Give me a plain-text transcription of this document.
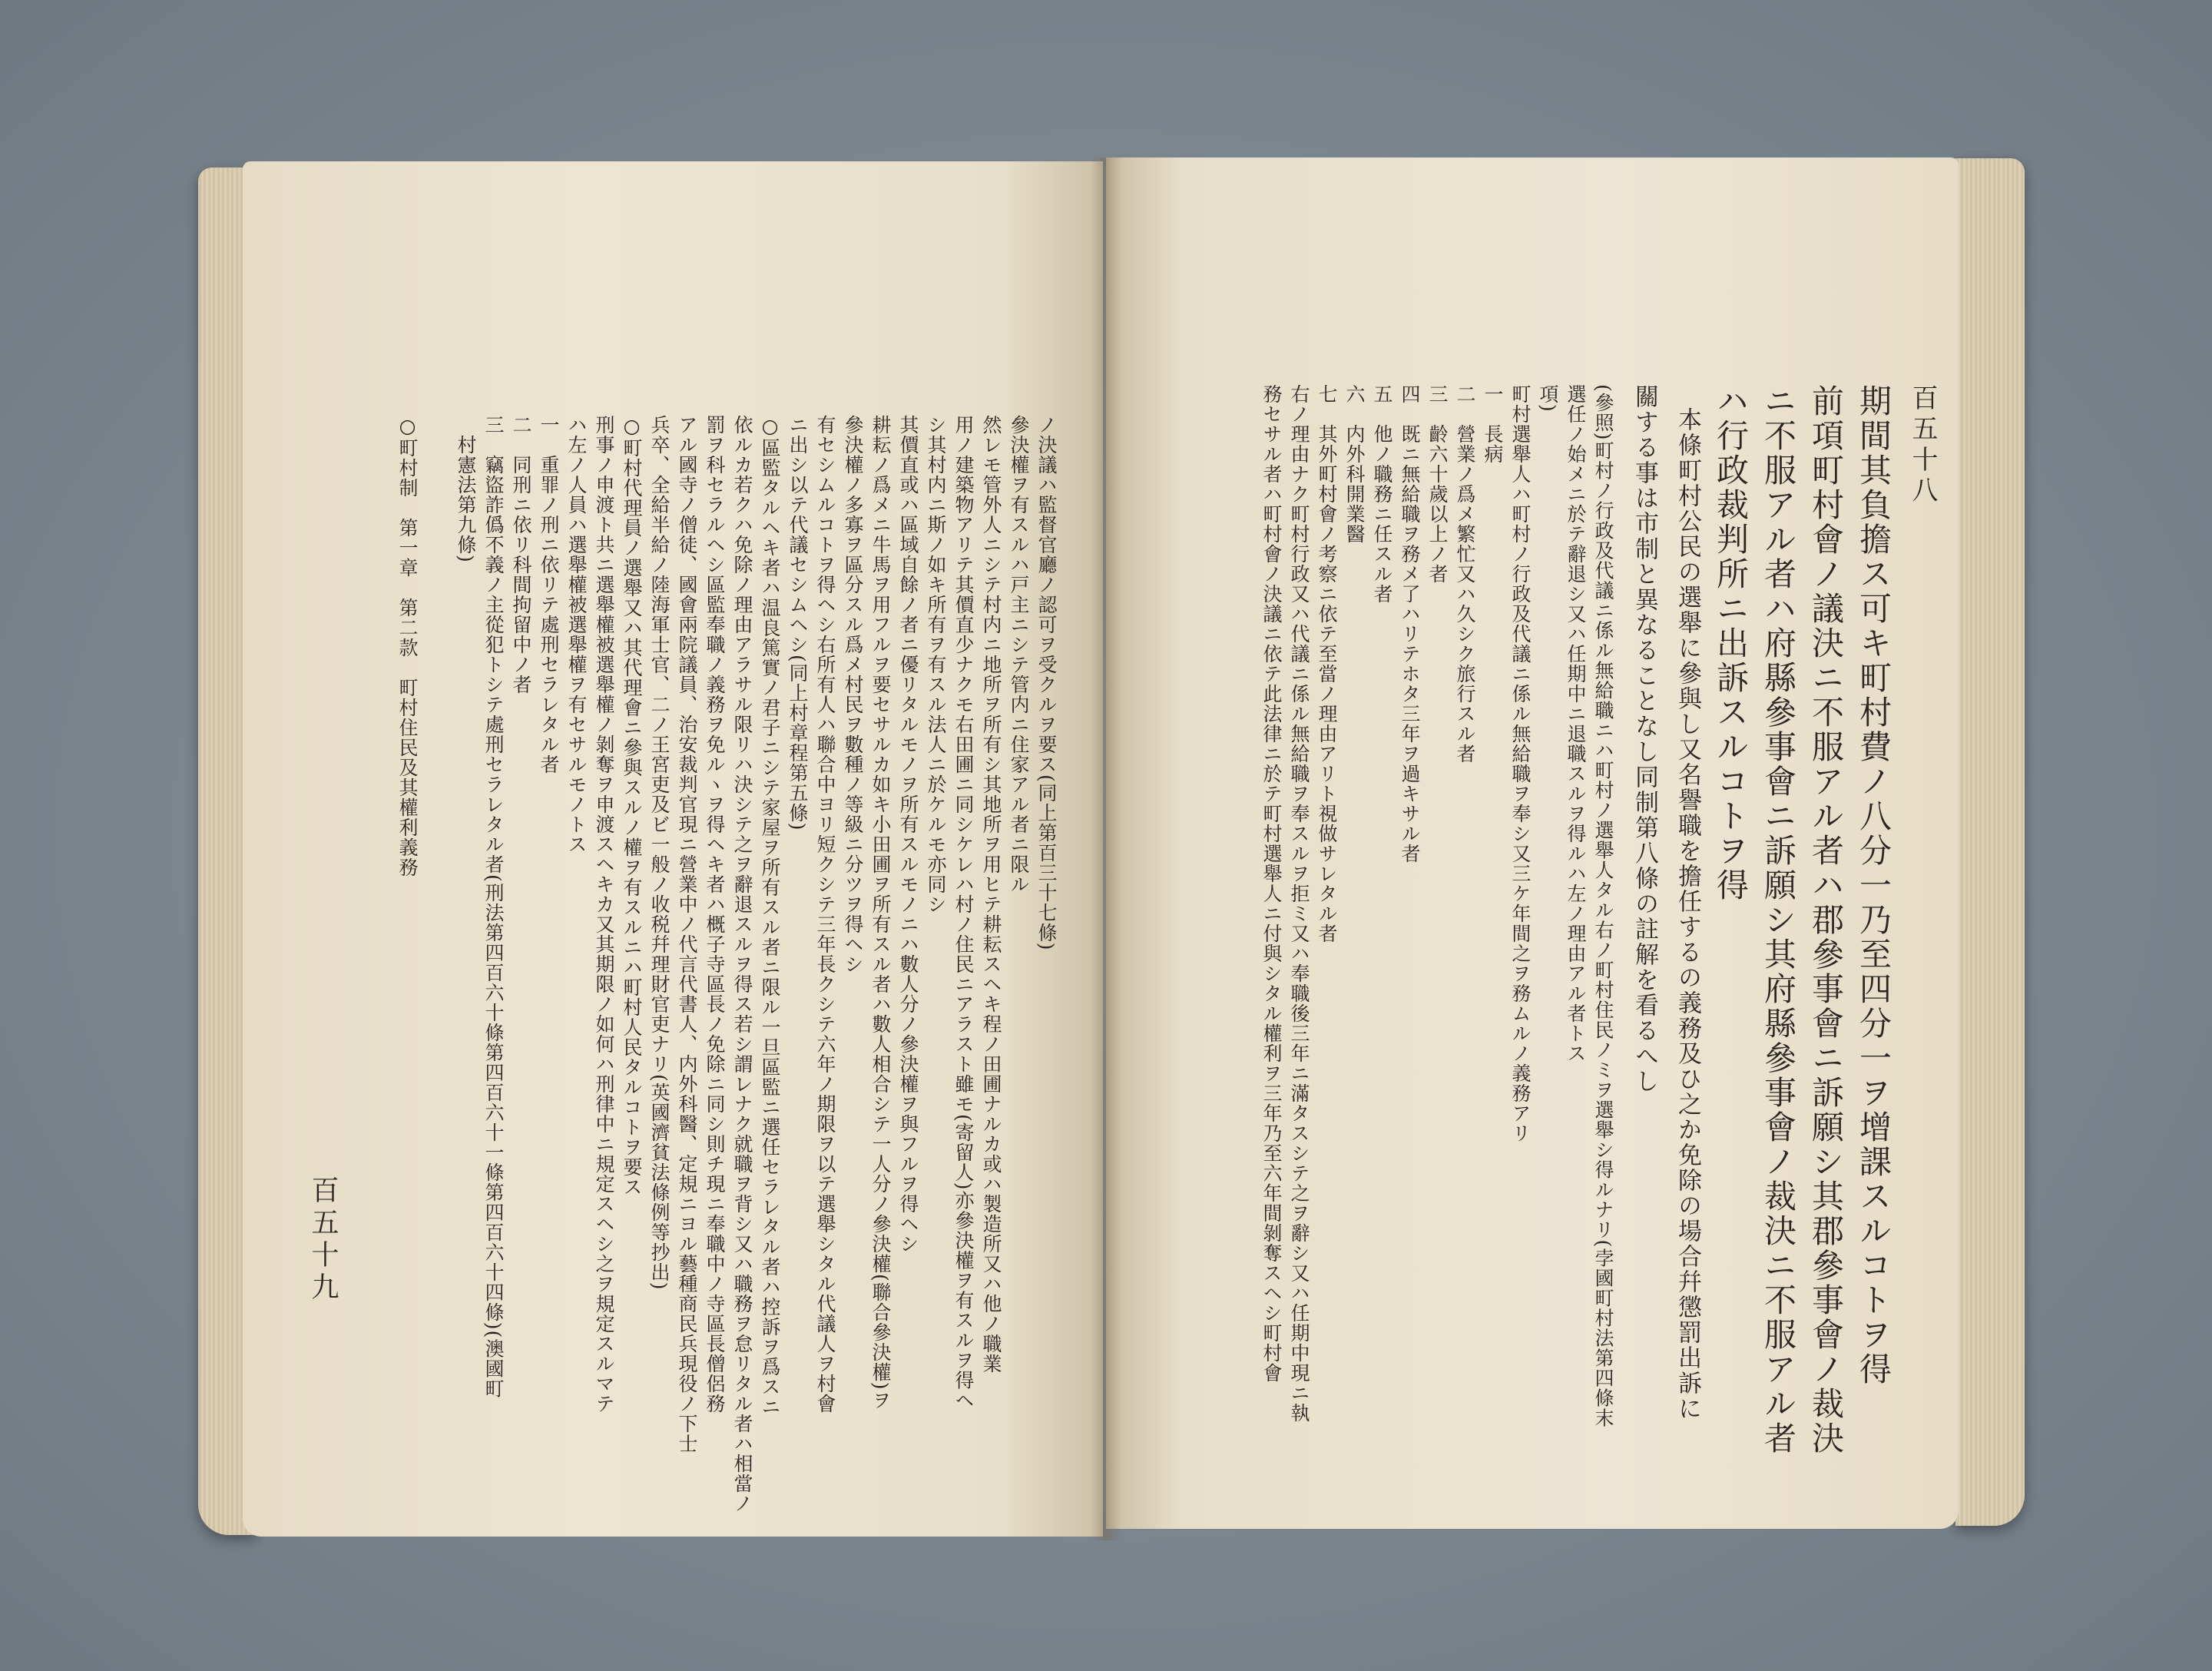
ノ決議ハ監督官廳ノ認可ヲ受クルヲ要ス(同上第百三十七條)
參決權ヲ有スルハ戸主ニシテ管内ニ住家アル者ニ限ル
然レモ管外人ニシテ村内ニ地所ヲ所有シ其地所ヲ用ヒテ耕耘スヘキ程ノ田圃ナルカ或ハ製造所又ハ他ノ職業
用ノ建築物アリテ其價直少ナクモ右田圃ニ同シケレハ村ノ住民ニアラスト雖モ(寄留人)亦參決權ヲ有スルヲ得ヘ
シ其村内ニ斯ノ如キ所有ヲ有スル法人ニ於ケルモ亦同シ
其價直或ハ區域自餘ノ者ニ優リタルモノヲ所有スルモノニハ數人分ノ參決權ヲ與フルヲ得ヘシ
耕耘ノ爲メニ牛馬ヲ用フルヲ要セサルカ如キ小田圃ヲ所有スル者ハ數人相合シテ一人分ノ參決權(聯合參決權)ヲ
參決權ノ多寡ヲ區分スル爲メ村民ヲ數種ノ等級ニ分ツヲ得ヘシ
有セシムルコトヲ得ヘシ右所有人ハ聯合中ヨリ短クシテ三年長クシテ六年ノ期限ヲ以テ選舉シタル代議人ヲ村會
ニ出シ以テ代議セシムヘシ(同上村章程第五條)
○區監タルヘキ者ハ温良篤實ノ君子ニシテ家屋ヲ所有スル者ニ限ル一旦區監ニ選任セラレタル者ハ控訴ヲ爲スニ
依ルカ若クハ免除ノ理由アラサル限リハ決シテ之ヲ辭退スルヲ得ス若シ謂レナク就職ヲ背シ又ハ職務ヲ怠リタル者ハ相當ノ
罰ヲ科セラルヘシ區監奉職ノ義務ヲ免ルヽヲ得ヘキ者ハ概子寺區長ノ免除ニ同シ則チ現ニ奉職中ノ寺區長僧侶務
アル國寺ノ僧徒、國會兩院議員、治安裁判官現ニ營業中ノ代言代書人、内外科醫、定規ニヨル藝種商民兵現役ノ下士
兵卒、全給半給ノ陸海軍士官、二ノ王宮吏及ビ一般ノ收税幷理財官吏ナリ(英國濟貧法條例等抄出)
○町村代理員ノ選舉又ハ其代理會ニ參與スルノ權ヲ有スルニハ町村人民タルコトヲ要ス
刑事ノ申渡ト共ニ選舉權被選舉權ノ剝奪ヲ申渡スヘキカ又其期限ノ如何ハ刑律中ニ規定スヘシ之ヲ規定スルマテ
ハ左ノ人員ハ選舉權被選舉權ヲ有セサルモノトス
一　重罪ノ刑ニ依リテ處刑セラレタル者
二　同刑ニ依リ科間拘留中ノ者
三　竊盜詐僞不義ノ主從犯トシテ處刑セラレタル者(刑法第四百六十條第四百六十一條第四百六十四條)(澳國町
村憲法第九條)
○町村制　第一章　第二款　町村住民及其權利義務
百五十九
百五十八
期間其負擔ス可キ町村費ノ八分一乃至四分一ヲ增課スルコトヲ得
前項町村會ノ議決ニ不服アル者ハ郡參事會ニ訴願シ其郡參事會ノ裁決
ニ不服アル者ハ府縣參事會ニ訴願シ其府縣參事會ノ裁決ニ不服アル者
ハ行政裁判所ニ出訴スルコトヲ得
本條町村公民の選舉に參與し又名譽職を擔任するの義務及ひ之か免除の場合幷懲罰出訴に
關する事は市制と異なることなし同制第八條の註解を看るへし
(參照)町村ノ行政及代議ニ係ル無給職ニハ町村ノ選舉人タル右ノ町村住民ノミヲ選舉シ得ルナリ(孛國町村法第四條末
選任ノ始メニ於テ辭退シ又ハ任期中ニ退職スルヲ得ルハ左ノ理由アル者トス
項)
町村選舉人ハ町村ノ行政及代議ニ係ル無給職ヲ奉シ又三ケ年間之ヲ務ムルノ義務アリ
一　長病
二　營業ノ爲メ繁忙又ハ久シク旅行スル者
三　齡六十歲以上ノ者
四　既ニ無給職ヲ務メ了ハリテホタ三年ヲ過キサル者
五　他ノ職務ニ任スル者
六　内外科開業醫
七　其外町村會ノ考察ニ依テ至當ノ理由アリト視做サレタル者
右ノ理由ナク町村行政又ハ代議ニ係ル無給職ヲ奉スルヲ拒ミ又ハ奉職後三年ニ滿タスシテ之ヲ辭シ又ハ任期中現ニ執
務セサル者ハ町村會ノ決議ニ依テ此法律ニ於テ町村選舉人ニ付與シタル權利ヲ三年乃至六年間剝奪スヘシ町村會
